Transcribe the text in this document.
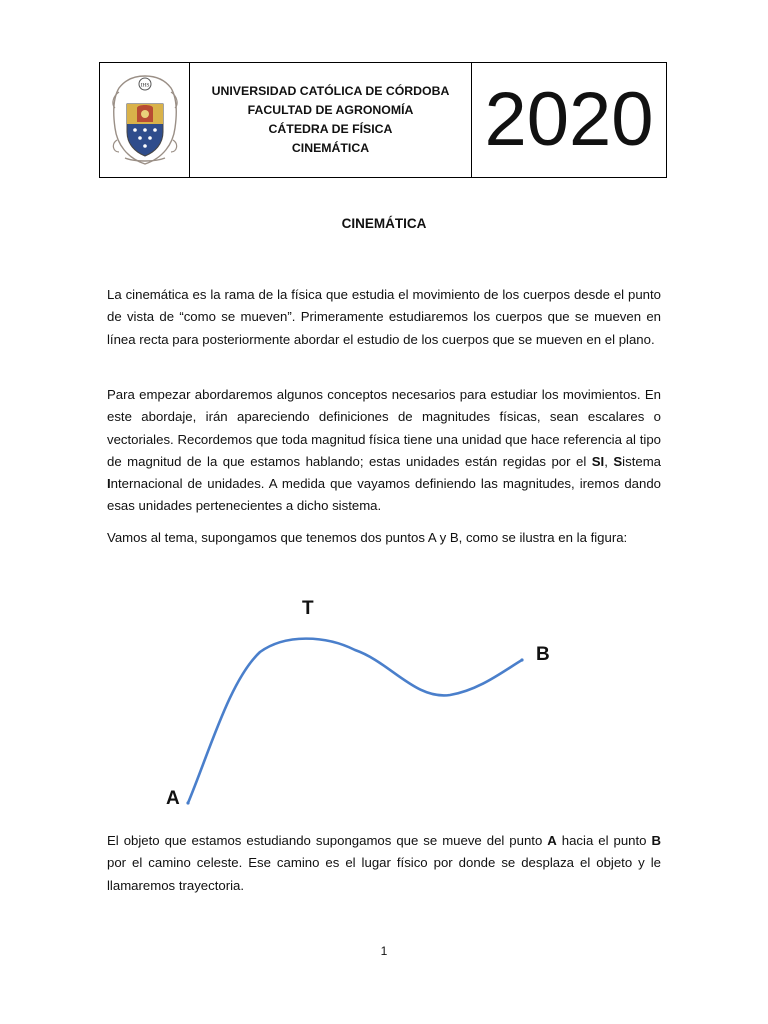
IHS	UNIVERSIDAD CATÓLICA DE CÓRDOBA
FACULTAD DE AGRONOMÍA
CÁTEDRA DE FÍSICA
CINEMÁTICA 2020
CINEMÁTICA

La cinemática es la rama de la física que estudia el movimiento de los cuerpos desde el punto de vista de “como se mueven”. Primeramente estudiaremos los cuerpos que se mueven en línea recta para posteriormente abordar el estudio de los cuerpos que se mueven en el plano.

Para empezar abordaremos algunos conceptos necesarios para estudiar los movimientos. En este abordaje, irán apareciendo definiciones de magnitudes físicas, sean escalares o vectoriales. Recordemos que toda magnitud física tiene una unidad que hace referencia al tipo de magnitud de la que estamos hablando; estas unidades están regidas por el SI, Sistema Internacional de unidades. A medida que vayamos definiendo las magnitudes, iremos dando esas unidades pertenecientes a dicho sistema.

Vamos al tema, supongamos que tenemos dos puntos A y B, como se ilustra en la figura:

T
A
B

El objeto que estamos estudiando supongamos que se mueve del punto A hacia el punto B por el camino celeste. Ese camino es el lugar físico por donde se desplaza el objeto y le llamaremos trayectoria.

1
